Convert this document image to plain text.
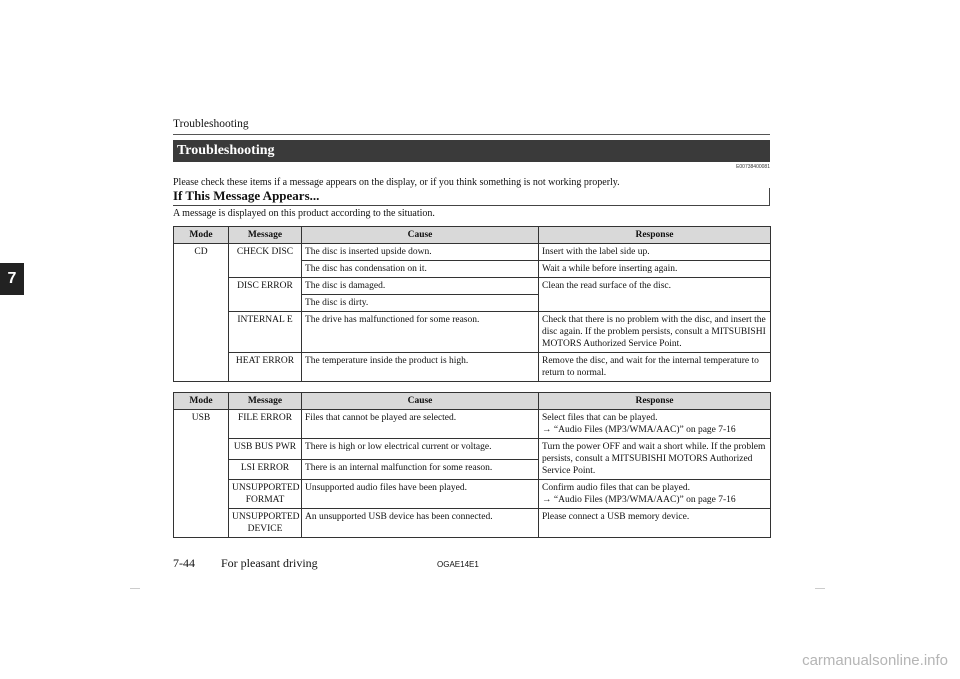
Troubleshooting
7
Troubleshooting
E00738400081
Please check these items if a message appears on the display, or if you think something is not working properly.
If This Message Appears...
A message is displayed on this product according to the situation.
Mode	Message	Cause	Response
CD	CHECK DISC	The disc is inserted upside down.	Insert with the label side up.
		The disc has condensation on it.	Wait a while before inserting again.
	DISC ERROR	The disc is damaged.	Clean the read surface of the disc.
		The disc is dirty.	
	INTERNAL E	The drive has malfunctioned for some reason.	Check that there is no problem with the disc, and insert the disc again. If the problem persists, consult a MITSUBISHI MOTORS Authorized Service Point.
	HEAT ERROR	The temperature inside the product is high.	Remove the disc, and wait for the internal temperature to return to normal.
Mode	Message	Cause	Response
USB	FILE ERROR	Files that cannot be played are selected.	Select files that can be played.
→ “Audio Files (MP3/WMA/AAC)” on page 7-16

	USB BUS PWR	There is high or low electrical current or voltage.	Turn the power OFF and wait a short while. If the problem persists, consult a MITSUBISHI MOTORS Authorized Service Point.
	LSI ERROR	There is an internal malfunction for some reason.	
	UNSUPPORTED FORMAT	Unsupported audio files have been played.	Confirm audio files that can be played.
→ “Audio Files (MP3/WMA/AAC)” on page 7-16

	UNSUPPORTED DEVICE	An unsupported USB device has been connected.	Please connect a USB memory device.
7-44 For pleasant driving	OGAE14E1
carmanualsonline.info
